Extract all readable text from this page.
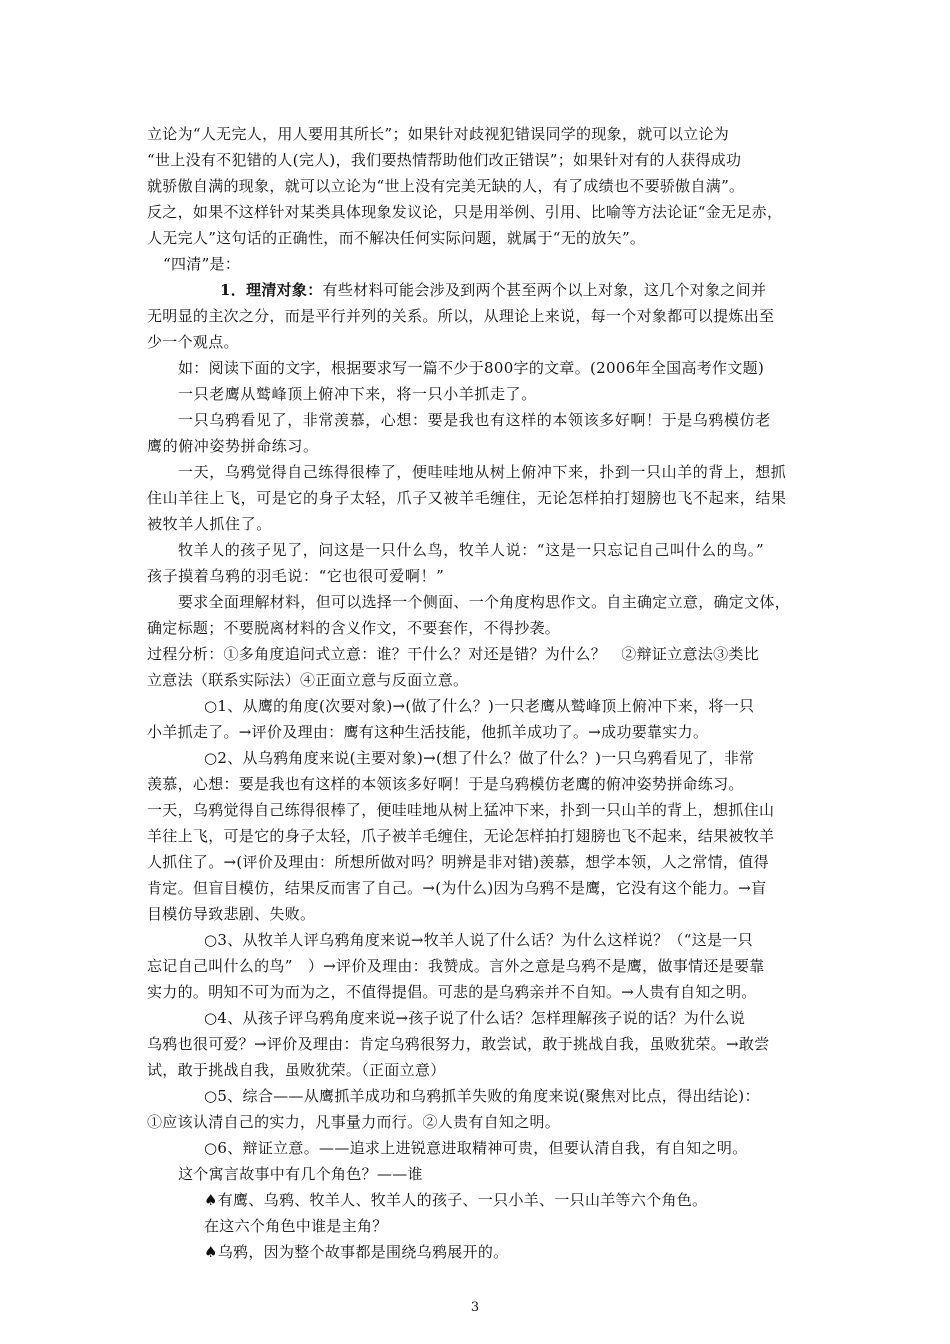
立论为“人无完人，用人要用其所长”；如果针对歧视犯错误同学的现象，就可以立论为

“世上没有不犯错的人(完人)，我们要热情帮助他们改正错误”；如果针对有的人获得成功

就骄傲自满的现象，就可以立论为“世上没有完美无缺的人，有了成绩也不要骄傲自满”。

反之，如果不这样针对某类具体现象发议论，只是用举例、引用、比喻等方法论证“金无足赤，

人无完人”这句话的正确性，而不解决任何实际问题，就属于“无的放矢”。

“四清”是：

1．理清对象：有些材料可能会涉及到两个甚至两个以上对象，这几个对象之间并

无明显的主次之分，而是平行并列的关系。所以，从理论上来说，每一个对象都可以提炼出至

少一个观点。

如：阅读下面的文字，根据要求写一篇不少于800字的文章。(2006年全国高考作文题)

一只老鹰从鹫峰顶上俯冲下来，将一只小羊抓走了。

一只乌鸦看见了，非常羡慕，心想：要是我也有这样的本领该多好啊！于是乌鸦模仿老

鹰的俯冲姿势拼命练习。

一天，乌鸦觉得自己练得很棒了，便哇哇地从树上俯冲下来，扑到一只山羊的背上，想抓

住山羊往上飞，可是它的身子太轻，爪子又被羊毛缠住，无论怎样拍打翅膀也飞不起来，结果

被牧羊人抓住了。

牧羊人的孩子见了，问这是一只什么鸟，牧羊人说：“这是一只忘记自己叫什么的鸟。”

孩子摸着乌鸦的羽毛说：“它也很可爱啊！”

要求全面理解材料，但可以选择一个侧面、一个角度构思作文。自主确定立意，确定文体，

确定标题；不要脱离材料的含义作文，不要套作，不得抄袭。

过程分析：①多角度追问式立意：谁？干什么？对还是错？为什么？　②辩证立意法③类比

立意法（联系实际法）④正面立意与反面立意。

○1、从鹰的角度(次要对象)→(做了什么？)一只老鹰从鹫峰顶上俯冲下来，将一只

小羊抓走了。→评价及理由：鹰有这种生活技能，他抓羊成功了。→成功要靠实力。

○2、从乌鸦角度来说(主要对象)→(想了什么？做了什么？)一只乌鸦看见了，非常

羡慕，心想：要是我也有这样的本领该多好啊！于是乌鸦模仿老鹰的俯冲姿势拼命练习。

一天，乌鸦觉得自己练得很棒了，便哇哇地从树上猛冲下来，扑到一只山羊的背上，想抓住山

羊往上飞，可是它的身子太轻，爪子被羊毛缠住，无论怎样拍打翅膀也飞不起来，结果被牧羊

人抓住了。→(评价及理由：所想所做对吗？明辨是非对错)羡慕，想学本领，人之常情，值得

肯定。但盲目模仿，结果反而害了自己。→(为什么)因为乌鸦不是鹰，它没有这个能力。→盲

目模仿导致悲剧、失败。

○3、从牧羊人评乌鸦角度来说→牧羊人说了什么话？为什么这样说？（“这是一只

忘记自己叫什么的鸟”　）→评价及理由：我赞成。言外之意是乌鸦不是鹰，做事情还是要靠

实力的。明知不可为而为之，不值得提倡。可悲的是乌鸦亲并不自知。→人贵有自知之明。

○4、从孩子评乌鸦角度来说→孩子说了什么话？怎样理解孩子说的话？为什么说

乌鸦也很可爱？→评价及理由：肯定乌鸦很努力，敢尝试，敢于挑战自我，虽败犹荣。→敢尝

试，敢于挑战自我，虽败犹荣。（正面立意）

○5、综合——从鹰抓羊成功和乌鸦抓羊失败的角度来说(聚焦对比点，得出结论)：

①应该认清自己的实力，凡事量力而行。②人贵有自知之明。

○6、辩证立意。——追求上进锐意进取精神可贵，但要认清自我，有自知之明。

这个寓言故事中有几个角色？——谁

♠有鹰、乌鸦、牧羊人、牧羊人的孩子、一只小羊、一只山羊等六个角色。

在这六个角色中谁是主角？

♠乌鸦，因为整个故事都是围绕乌鸦展开的。

3
